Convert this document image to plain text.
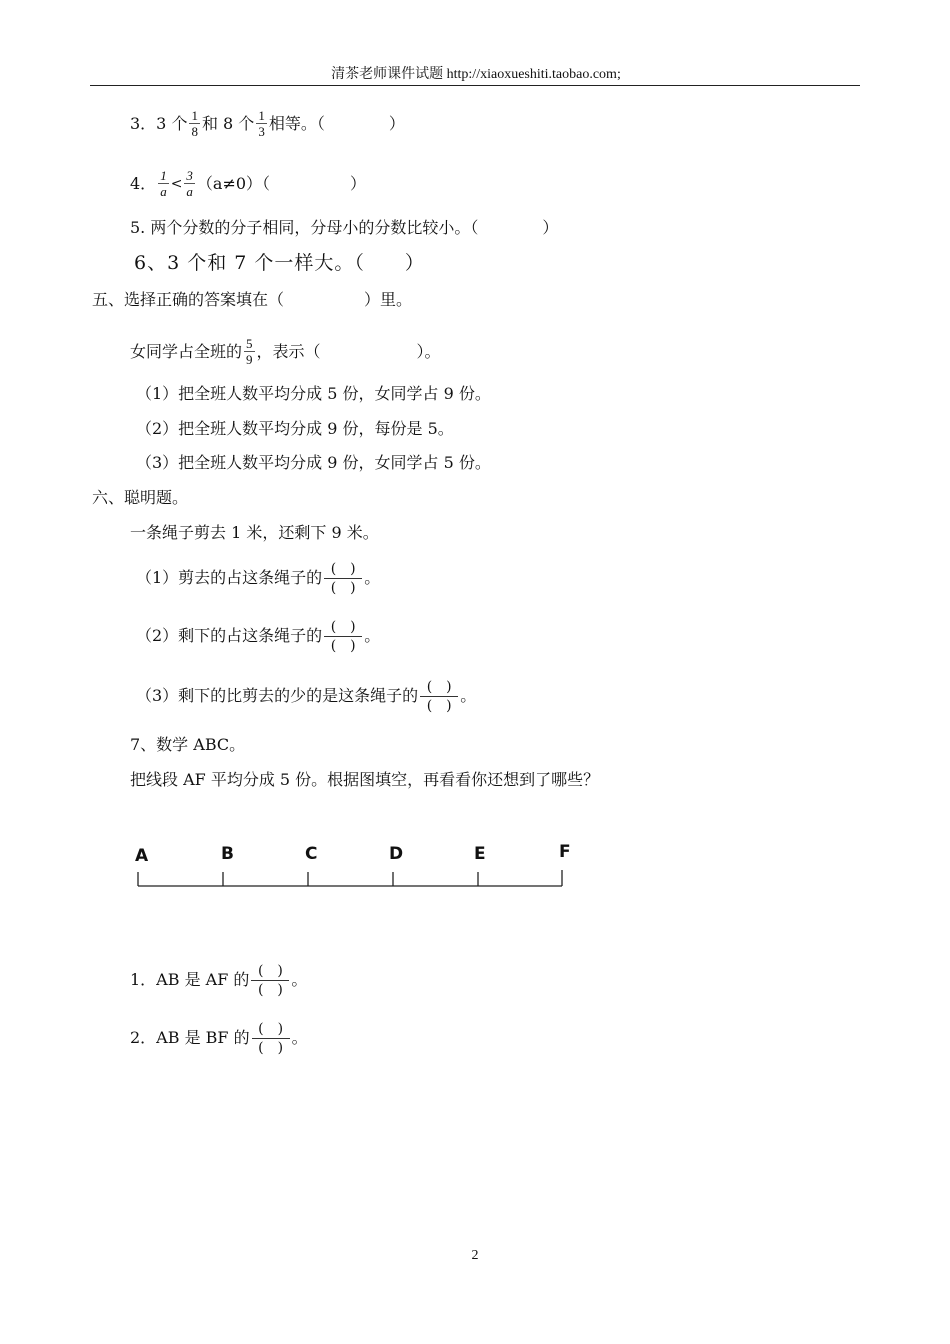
清茶老师课件试题 http://xiaoxueshiti.taobao.com;
3．3 个 $\frac{1}{8}$ 和 8 个 $\frac{1}{3}$ 相等。（　　　　）
4． $\frac{1}{a} < \frac{3}{a} (a\ne 0)$（　　　　　）
5. 两个分数的分子相同，分母小的分数比较小。（　　　　）
6、3 个和 7 个一样大。（　　）
五、选择正确的答案填在（　　　　　）里。
女同学占全班的 $\frac{5}{9}$ ，表示（　　　　　　）。
（1）把全班人数平均分成 5 份，女同学占 9 份。
（2）把全班人数平均分成 9 份，每份是 5。
（3）把全班人数平均分成 9 份，女同学占 5 份。
六、聪明题。
一条绳子剪去 1 米，还剩下 9 米。
（1）剪去的占这条绳子的 $\frac{( )}{( )}$ 。
（2）剩下的占这条绳子的 $\frac{( )}{( )}$ 。
（3）剩下的比剪去的少的是这条绳子的 $\frac{( )}{( )}$ 。
7、数学 ABC。
把线段 AF 平均分成 5 份。根据图填空，再看看你还想到了哪些？
A	B	C	D	E	F
1．AB 是 AF 的 $\frac{( )}{( )}$ 。
2．AB 是 BF 的 $\frac{( )}{( )}$ 。
2
